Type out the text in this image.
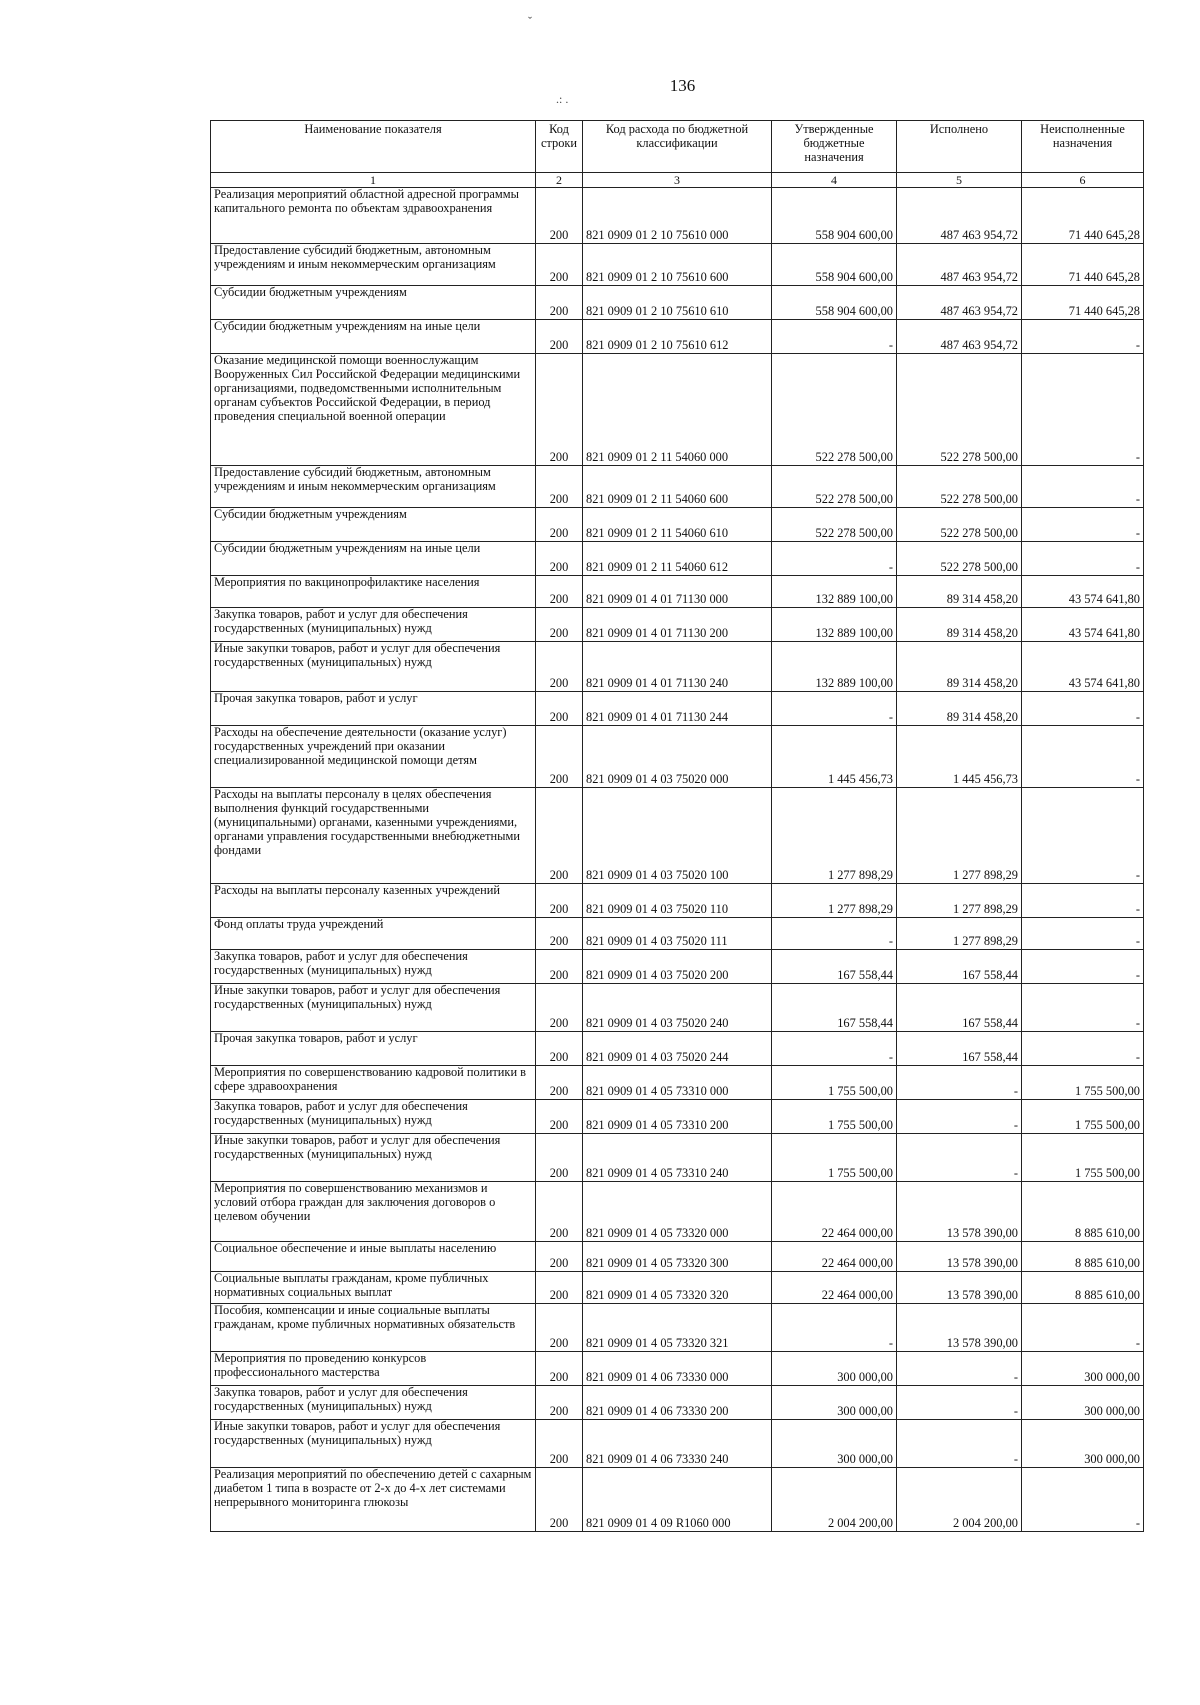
ˇ
.: .
136
Наименование показателя	Код строки	Код расхода по бюджетной классификации	Утвержденные бюджетные назначения	Исполнено	Неисполненные назначения
1	2	3	4	5	6
Реализация мероприятий областной адресной программы капитального ремонта по объектам здравоохранения	200	821 0909 01 2 10 75610 000	558 904 600,00	487 463 954,72	71 440 645,28
Предоставление субсидий бюджетным, автономным учреждениям и иным некоммерческим организациям	200	821 0909 01 2 10 75610 600	558 904 600,00	487 463 954,72	71 440 645,28
Субсидии бюджетным учреждениям	200	821 0909 01 2 10 75610 610	558 904 600,00	487 463 954,72	71 440 645,28
Субсидии бюджетным учреждениям на иные цели	200	821 0909 01 2 10 75610 612	-	487 463 954,72	-
Оказание медицинской помощи военнослужащим Вооруженных Сил Российской Федерации медицинскими организациями, подведомственными исполнительным органам субъектов Российской Федерации, в период проведения специальной военной операции	200	821 0909 01 2 11 54060 000	522 278 500,00	522 278 500,00	-
Предоставление субсидий бюджетным, автономным учреждениям и иным некоммерческим организациям	200	821 0909 01 2 11 54060 600	522 278 500,00	522 278 500,00	-
Субсидии бюджетным учреждениям	200	821 0909 01 2 11 54060 610	522 278 500,00	522 278 500,00	-
Субсидии бюджетным учреждениям на иные цели	200	821 0909 01 2 11 54060 612	-	522 278 500,00	-
Мероприятия по вакцинопрофилактике населения	200	821 0909 01 4 01 71130 000	132 889 100,00	89 314 458,20	43 574 641,80
Закупка товаров, работ и услуг для обеспечения государственных (муниципальных) нужд	200	821 0909 01 4 01 71130 200	132 889 100,00	89 314 458,20	43 574 641,80
Иные закупки товаров, работ и услуг для обеспечения государственных (муниципальных) нужд	200	821 0909 01 4 01 71130 240	132 889 100,00	89 314 458,20	43 574 641,80
Прочая закупка товаров, работ и услуг	200	821 0909 01 4 01 71130 244	-	89 314 458,20	-
Расходы на обеспечение деятельности (оказание услуг) государственных учреждений при оказании специализированной медицинской помощи детям	200	821 0909 01 4 03 75020 000	1 445 456,73	1 445 456,73	-
Расходы на выплаты персоналу в целях обеспечения выполнения функций государственными (муниципальными) органами, казенными учреждениями, органами управления государственными внебюджетными фондами	200	821 0909 01 4 03 75020 100	1 277 898,29	1 277 898,29	-
Расходы на выплаты персоналу казенных учреждений	200	821 0909 01 4 03 75020 110	1 277 898,29	1 277 898,29	-
Фонд оплаты труда учреждений	200	821 0909 01 4 03 75020 111	-	1 277 898,29	-
Закупка товаров, работ и услуг для обеспечения государственных (муниципальных) нужд	200	821 0909 01 4 03 75020 200	167 558,44	167 558,44	-
Иные закупки товаров, работ и услуг для обеспечения государственных (муниципальных) нужд	200	821 0909 01 4 03 75020 240	167 558,44	167 558,44	-
Прочая закупка товаров, работ и услуг	200	821 0909 01 4 03 75020 244	-	167 558,44	-
Мероприятия по совершенствованию кадровой политики в сфере здравоохранения	200	821 0909 01 4 05 73310 000	1 755 500,00	-	1 755 500,00
Закупка товаров, работ и услуг для обеспечения государственных (муниципальных) нужд	200	821 0909 01 4 05 73310 200	1 755 500,00	-	1 755 500,00
Иные закупки товаров, работ и услуг для обеспечения государственных (муниципальных) нужд	200	821 0909 01 4 05 73310 240	1 755 500,00	-	1 755 500,00
Мероприятия по совершенствованию механизмов и условий отбора граждан для заключения договоров о целевом обучении	200	821 0909 01 4 05 73320 000	22 464 000,00	13 578 390,00	8 885 610,00
Социальное обеспечение и иные выплаты населению	200	821 0909 01 4 05 73320 300	22 464 000,00	13 578 390,00	8 885 610,00
Социальные выплаты гражданам, кроме публичных нормативных социальных выплат	200	821 0909 01 4 05 73320 320	22 464 000,00	13 578 390,00	8 885 610,00
Пособия, компенсации и иные социальные выплаты гражданам, кроме публичных нормативных обязательств	200	821 0909 01 4 05 73320 321	-	13 578 390,00	-
Мероприятия по проведению конкурсов профессионального мастерства	200	821 0909 01 4 06 73330 000	300 000,00	-	300 000,00
Закупка товаров, работ и услуг для обеспечения государственных (муниципальных) нужд	200	821 0909 01 4 06 73330 200	300 000,00	-	300 000,00
Иные закупки товаров, работ и услуг для обеспечения государственных (муниципальных) нужд	200	821 0909 01 4 06 73330 240	300 000,00	-	300 000,00
Реализация мероприятий по обеспечению детей с сахарным диабетом 1 типа в возрасте от 2-х до 4-х лет системами непрерывного мониторинга глюкозы	200	821 0909 01 4 09 R1060 000	2 004 200,00	2 004 200,00	-
